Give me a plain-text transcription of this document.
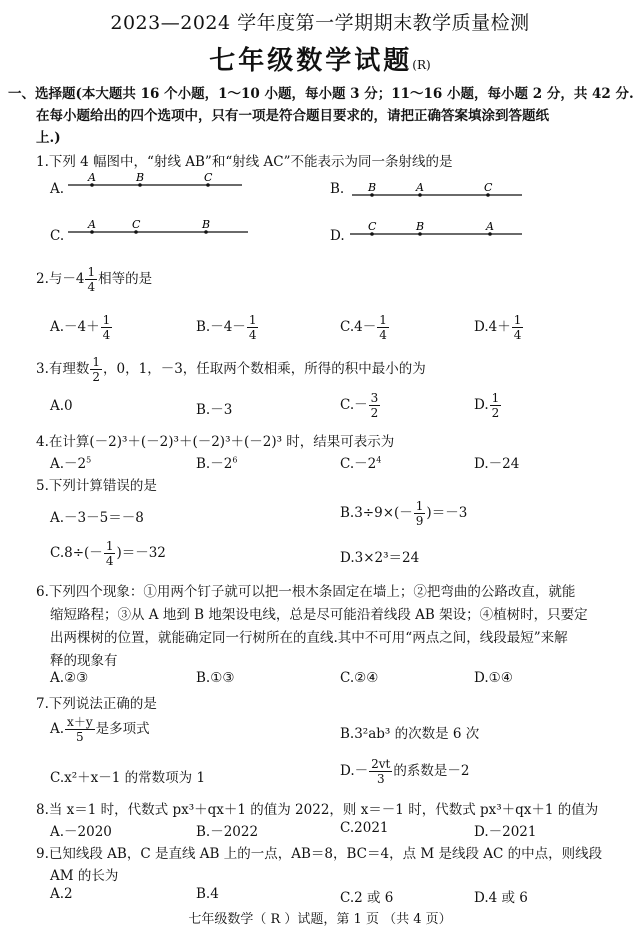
2023—2024 学年度第一学期期末教学质量检测
七年级数学试题(R)
一、选择题(本大题共 16 个小题，1～10 小题，每小题 3 分；11～16 小题，每小题 2 分，共 42 分.
在每小题给出的四个选项中，只有一项是符合题目要求的，请把正确答案填涂到答题纸
上.)
1.下列 4 幅图中，“射线 AB”和“射线 AC”不能表示为同一条射线的是
A.	B.
C.	D.
A	B	C
B	A	C
A	C	B	C	B	A
2.与$-4 \frac{1}{4}$ 相等的是
$A.-4+ \frac{1}{4}$	$B.-4- \frac{1}{4}$	$C.4- \frac{1}{4}$	$D.4+ \frac{1}{4}$
3.有理数 $\frac{1}{2}$ ，0，1，－3，任取两个数相乘，所得的积中最小的为
A.0	B.－3	$C.- \frac{3}{2}$	D. $\frac{1}{2}$
4.在计算(－2)³＋(－2)³＋(－2)³＋(－2)³ 时，结果可表示为
$A.-2^5$	$B.-2^6$	$C.-2^4$	D.－24
5.下列计算错误的是
A.－3－5＝－8	$B.3\div 9\times(- \frac{1}{9} )=-3$
$C.8\div(- \frac{1}{4} )=-32$	D.3×2³＝24
6.下列四个现象：①用两个钉子就可以把一根木条固定在墙上；②把弯曲的公路改直，就能
缩短路程；③从 A 地到 B 地架设电线，总是尽可能沿着线段 AB 架设；④植树时，只要定
出两棵树的位置，就能确定同一行树所在的直线.其中不可用“两点之间，线段最短”来解
释的现象有
A.②③	B.①③	C.②④	D.①④
7.下列说法正确的是
A. $\frac{x+y}{5}$ 是多项式	B.3²ab³ 的次数是 6 次
C.x²＋x－1 的常数项为 1	$D.- \frac{2vt}{3}$ 的系数是－2
8.当 x＝1 时，代数式 px³＋qx＋1 的值为 2022，则 x＝－1 时，代数式 px³＋qx＋1 的值为
A.－2020	B.－2022	C.2021	D.－2021
9.已知线段 AB，C 是直线 AB 上的一点，AB＝8，BC＝4，点 M 是线段 AC 的中点，则线段
AM 的长为
A.2	B.4	C.2 或 6	D.4 或 6
七年级数学（ R ）试题，第 1 页 （共 4 页）
